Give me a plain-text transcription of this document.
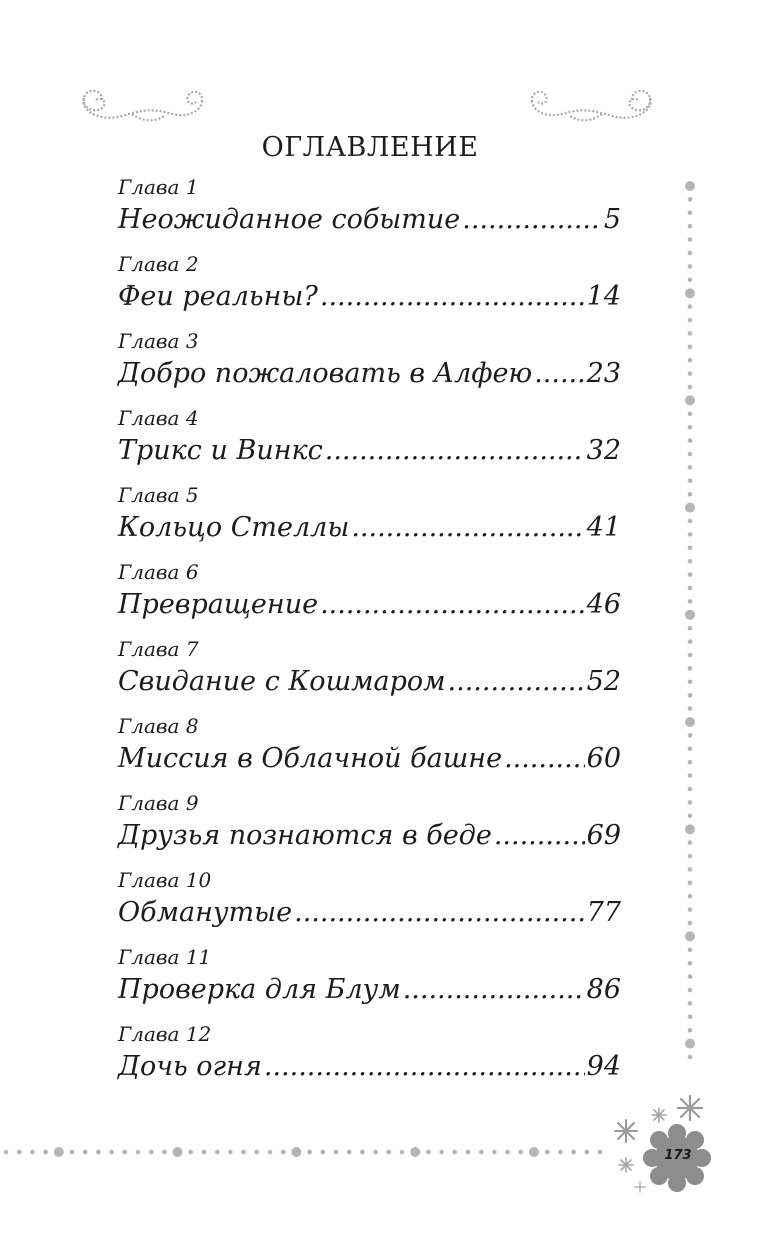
ОГЛАВЛЕНИЕ
Глава 1
Неожиданное событие .....	5
Глава 2
Феи реальны? .....	14
Глава 3
Добро пожаловать в Алфею ..... 23
Глава 4
Трикс и Винкс .....	32
Глава 5
Кольцо Стеллы .....	41
Глава 6
Превращение .....	46
Глава 7
Свидание с Кошмаром .....	52
Глава 8
Миссия в Облачной башне .....	60
Глава 9
Друзья познаются в беде .....	69
Глава 10
Обманутые .....	77
Глава 11
Проверка для Блум .....	86
Глава 12
Дочь огня .....	94
173
